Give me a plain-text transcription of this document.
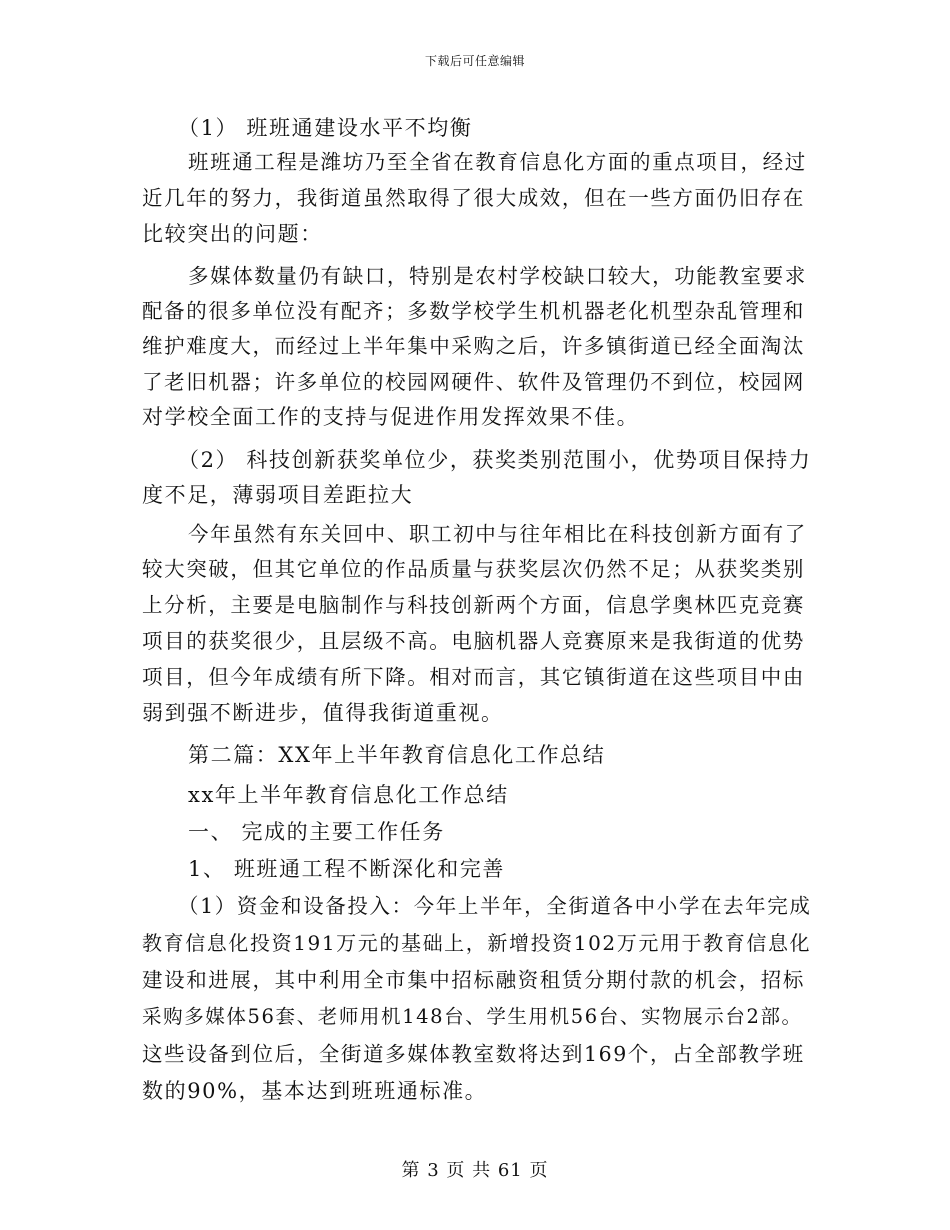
下载后可任意编辑
（1） 班班通建设水平不均衡
班班通工程是潍坊乃至全省在教育信息化方面的重点项目，经过
近几年的努力，我街道虽然取得了很大成效，但在一些方面仍旧存在
比较突出的问题：
多媒体数量仍有缺口，特别是农村学校缺口较大，功能教室要求
配备的很多单位没有配齐；多数学校学生机机器老化机型杂乱管理和
维护难度大，而经过上半年集中采购之后，许多镇街道已经全面淘汰
了老旧机器；许多单位的校园网硬件、软件及管理仍不到位，校园网
对学校全面工作的支持与促进作用发挥效果不佳。
（2） 科技创新获奖单位少，获奖类别范围小，优势项目保持力
度不足，薄弱项目差距拉大
今年虽然有东关回中、职工初中与往年相比在科技创新方面有了
较大突破，但其它单位的作品质量与获奖层次仍然不足；从获奖类别
上分析，主要是电脑制作与科技创新两个方面，信息学奥林匹克竞赛
项目的获奖很少，且层级不高。电脑机器人竞赛原来是我街道的优势
项目，但今年成绩有所下降。相对而言，其它镇街道在这些项目中由
弱到强不断进步，值得我街道重视。
第二篇：XX年上半年教育信息化工作总结
xx年上半年教育信息化工作总结
一、 完成的主要工作任务
1、 班班通工程不断深化和完善
（1）资金和设备投入：今年上半年，全街道各中小学在去年完成
教育信息化投资191万元的基础上，新增投资102万元用于教育信息化
建设和进展，其中利用全市集中招标融资租赁分期付款的机会，招标
采购多媒体56套、老师用机148台、学生用机56台、实物展示台2部。
这些设备到位后，全街道多媒体教室数将达到169个，占全部教学班
数的90%，基本达到班班通标准。
第 3 页 共 61 页
